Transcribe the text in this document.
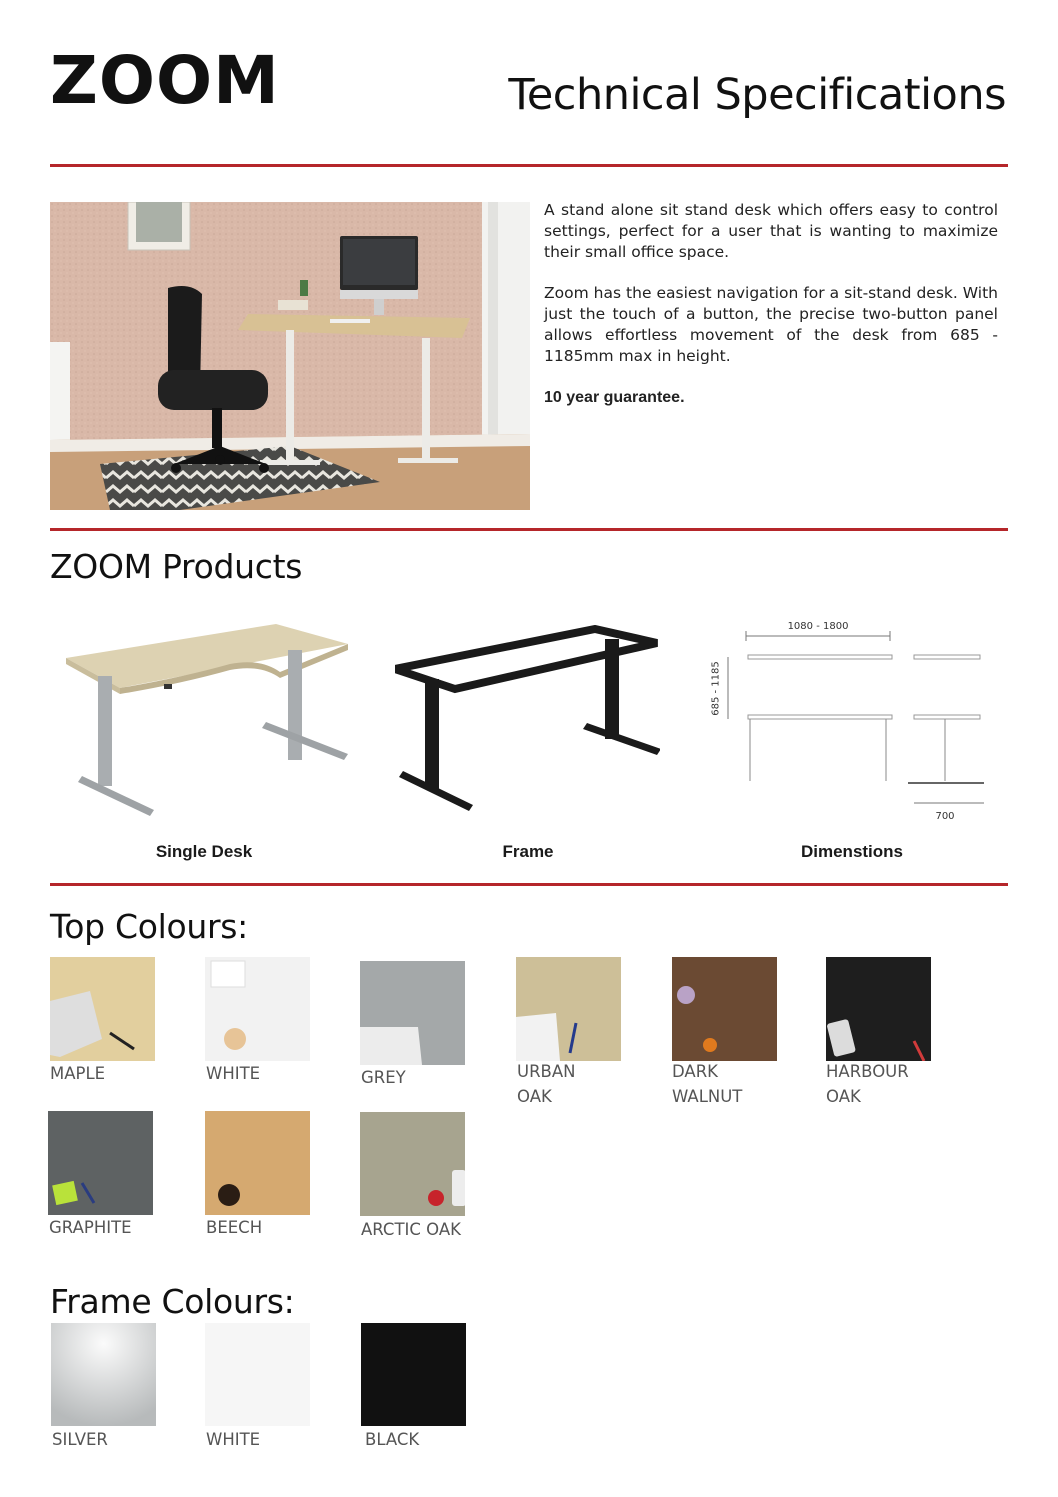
ZOOM	Technical Specifications

A stand alone sit stand desk which offers easy to control settings, perfect for a user that is wanting to maximize their small office space.

Zoom has the easiest navigation for a sit-stand desk. With just the touch of a button, the precise two-button panel allows effortless movement of the desk from 685 - 1185mm max in height.

10 year guarantee.

ZOOM Products
Single Desk	Frame
1080 - 1800
685 - 1185
700
Dimenstions
Top Colours:
MAPLE	WHITE	GREY	URBAN
OAK
DARK
WALNUT
HARBOUR
OAK
GRAPHITE	BEECH	ARCTIC OAK
Frame Colours:
SILVER	WHITE	BLACK
